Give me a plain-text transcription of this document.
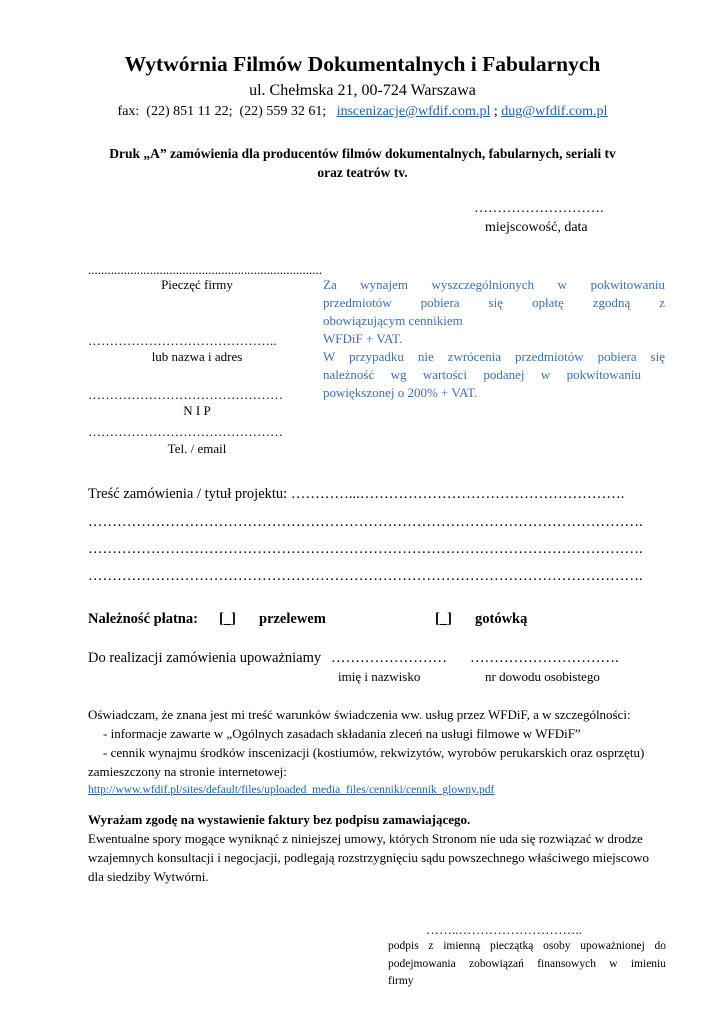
Wytwórnia Filmów Dokumentalnych i Fabularnych
ul. Chełmska 21, 00-724 Warszawa
fax:  (22) 851 11 22;  (22) 559 32 61;   inscenizacje@wfdif.com.pl ; dug@wfdif.com.pl
Druk „A” zamówienia dla producentów filmów dokumentalnych, fabularnych, seriali tv
oraz teatrów tv.
……………………….
miejscowość, data
........................................................................
Pieczęć firmy
……………………………………..
lub nazwa i adres
………………………………………
N I P
………………………………………
Tel. / email
Za wynajem wyszczególnionych w pokwitowaniu
przedmiotów pobiera się opłatę zgodną z
obowiązującym cennikiem
WFDiF + VAT.
W przypadku nie zwrócenia przedmiotów pobiera się
należność wg wartości podanej w pokwitowaniu
powiększonej o 200% + VAT.
Treść zamówienia / tytuł projektu: …………...……………………………………………….
…………………………………………………………………………………………………….
…………………………………………………………………………………………………….
…………………………………………………………………………………………………….
Należność płatna: [_] przelewem	[_] gotówką
Do realizacji zamówienia upoważniamy …………………… ………………………….
imię i nazwisko	nr dowodu osobistego
Oświadczam, że znana jest mi treść warunków świadczenia ww. usług przez WFDiF, a w szczególności:
- informacje zawarte w „Ogólnych zasadach składania zleceń na usługi filmowe w WFDiF”
- cennik wynajmu środków inscenizacji (kostiumów, rekwizytów, wyrobów perukarskich oraz osprzętu)
zamieszczony na stronie internetowej:
http://www.wfdif.pl/sites/default/files/uploaded_media_files/cenniki/cennik_glowny.pdf
Wyrażam zgodę na wystawienie faktury bez podpisu zamawiającego.
Ewentualne spory mogące wyniknąć z niniejszej umowy, których Stronom nie uda się rozwiązać w drodze
wzajemnych konsultacji i negocjacji, podlegają rozstrzygnięciu sądu powszechnego właściwego miejscowo
dla siedziby Wytwórni.
……..………………………..
podpis z imienną pieczątką osoby upoważnionej do
podejmowania zobowiązań finansowych w imieniu
firmy
